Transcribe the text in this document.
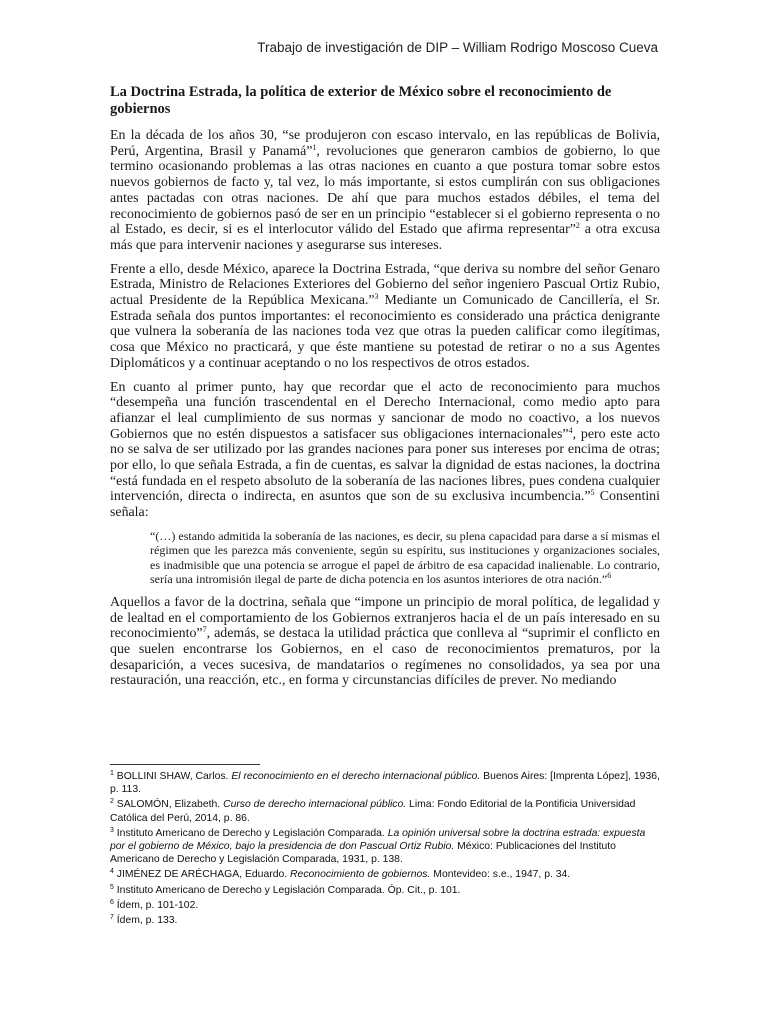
Trabajo de investigación de DIP – William Rodrigo Moscoso Cueva
La Doctrina Estrada, la política de exterior de México sobre el reconocimiento de gobiernos

En la década de los años 30, “se produjeron con escaso intervalo, en las repúblicas de Bolivia, Perú, Argentina, Brasil y Panamá”$^1$, revoluciones que generaron cambios de gobierno, lo que termino ocasionando problemas a las otras naciones en cuanto a que postura tomar sobre estos nuevos gobiernos de facto y, tal vez, lo más importante, si estos cumplirán con sus obligaciones antes pactadas con otras naciones. De ahí que para muchos estados débiles, el tema del reconocimiento de gobiernos pasó de ser en un principio “establecer si el gobierno representa o no al Estado, es decir, si es el interlocutor válido del Estado que afirma representar”$^2$ a otra excusa más que para intervenir naciones y asegurarse sus intereses.

Frente a ello, desde México, aparece la Doctrina Estrada, “que deriva su nombre del señor Genaro Estrada, Ministro de Relaciones Exteriores del Gobierno del señor ingeniero Pascual Ortiz Rubio, actual Presidente de la República Mexicana.”$^3$ Mediante un Comunicado de Cancillería, el Sr. Estrada señala dos puntos importantes: el reconocimiento es considerado una práctica denigrante que vulnera la soberanía de las naciones toda vez que otras la pueden calificar como ilegítimas, cosa que México no practicará, y que éste mantiene su potestad de retirar o no a sus Agentes Diplomáticos y a continuar aceptando o no los respectivos de otros estados.

En cuanto al primer punto, hay que recordar que el acto de reconocimiento para muchos “desempeña una función trascendental en el Derecho Internacional, como medio apto para afianzar el leal cumplimiento de sus normas y sancionar de modo no coactivo, a los nuevos Gobiernos que no estén dispuestos a satisfacer sus obligaciones internacionales”$^4$, pero este acto no se salva de ser utilizado por las grandes naciones para poner sus intereses por encima de otras; por ello, lo que señala Estrada, a fin de cuentas, es salvar la dignidad de estas naciones, la doctrina “está fundada en el respeto absoluto de la soberanía de las naciones libres, pues condena cualquier intervención, directa o indirecta, en asuntos que son de su exclusiva incumbencia.”$^5$ Consentini señala:

“(…) estando admitida la soberanía de las naciones, es decir, su plena capacidad para darse a sí mismas el régimen que les parezca más conveniente, según su espíritu, sus instituciones y organizaciones sociales, es inadmisible que una potencia se arrogue el papel de árbitro de esa capacidad inalienable. Lo contrario, sería una intromisión ilegal de parte de dicha potencia en los asuntos interiores de otra nación.”$^6$

Aquellos a favor de la doctrina, señala que “impone un principio de moral política, de legalidad y de lealtad en el comportamiento de los Gobiernos extranjeros hacia el de un país interesado en su reconocimiento”$^7$, además, se destaca la utilidad práctica que conlleva al “suprimir el conflicto en que suelen encontrarse los Gobiernos, en el caso de reconocimientos prematuros, por la desaparición, a veces sucesiva, de mandatarios o regímenes no consolidados, ya sea por una restauración, una reacción, etc., en forma y circunstancias difíciles de prever. No mediando

$^1$ BOLLINI SHAW, Carlos. El reconocimiento en el derecho internacional público. Buenos Aires: [Imprenta López], 1936, p. 113.

$^2$ SALOMÓN, Elizabeth. Curso de derecho internacional público. Lima: Fondo Editorial de la Pontificia Universidad Católica del Perú, 2014, p. 86.

$^3$ Instituto Americano de Derecho y Legislación Comparada. La opinión universal sobre la doctrina estrada: expuesta por el gobierno de México, bajo la presidencia de don Pascual Ortiz Rubio. México: Publicaciones del Instituto Americano de Derecho y Legislación Comparada, 1931, p. 138.

$^4$ JIMÉNEZ DE ARÉCHAGA, Eduardo. Reconocimiento de gobiernos. Montevideo: s.e., 1947, p. 34.

$^5$ Instituto Americano de Derecho y Legislación Comparada. Óp. Cit., p. 101.

$^6$ Ídem, p. 101-102.

$^7$ Ídem, p. 133.
